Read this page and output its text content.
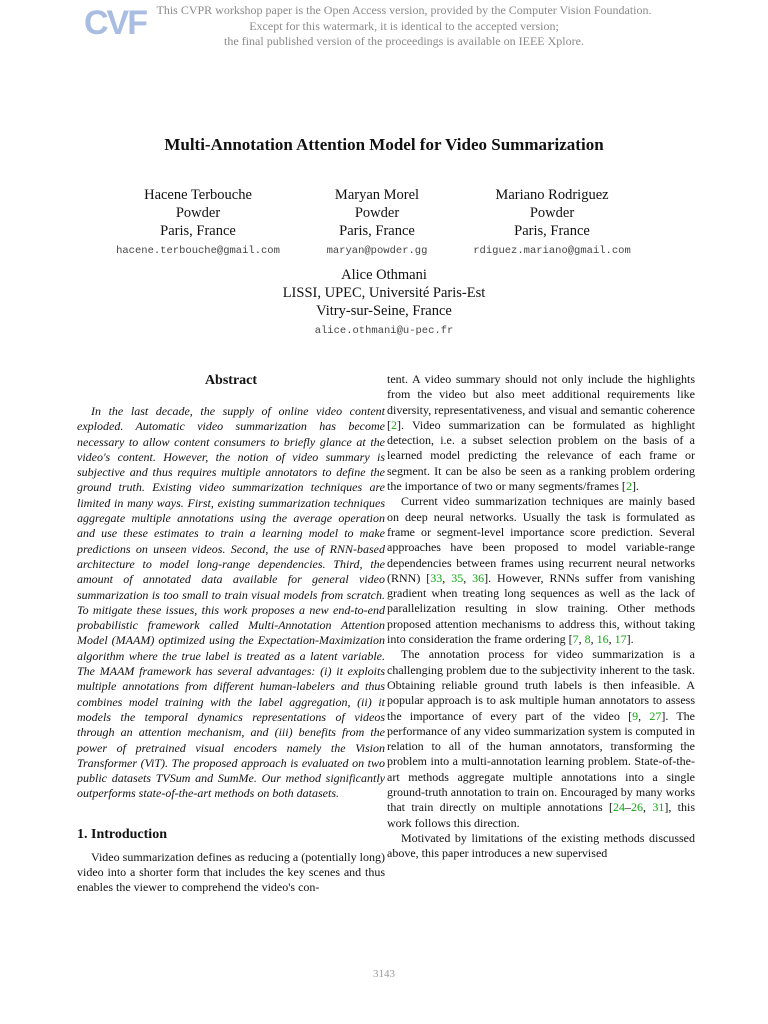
CVF This CVPR workshop paper is the Open Access version, provided by the Computer Vision Foundation.
Except for this watermark, it is identical to the accepted version;
the final published version of the proceedings is available on IEEE Xplore.
Multi-Annotation Attention Model for Video Summarization
Hacene Terbouche
Powder
Paris, France
hacene.terbouche@gmail.com
Maryan Morel
Powder
Paris, France
maryan@powder.gg
Mariano Rodriguez
Powder
Paris, France
rdiguez.mariano@gmail.com
Alice Othmani
LISSI, UPEC, Université Paris-Est
Vitry-sur-Seine, France
alice.othmani@u-pec.fr
Abstract

In the last decade, the supply of online video content exploded. Automatic video summarization has become necessary to allow content consumers to briefly glance at the video's content. However, the notion of video summary is subjective and thus requires multiple annotators to define the ground truth. Existing video summarization techniques are limited in many ways. First, existing summarization techniques aggregate multiple annotations using the average operation and use these estimates to train a learning model to make predictions on unseen videos. Second, the use of RNN-based architecture to model long-range dependencies. Third, the amount of annotated data available for general video summarization is too small to train visual models from scratch. To mitigate these issues, this work proposes a new end-to-end probabilistic framework called Multi-Annotation Attention Model (MAAM) optimized using the Expectation-Maximization algorithm where the true label is treated as a latent variable. The MAAM framework has several advantages: (i) it exploits multiple annotations from different human-labelers and thus combines model training with the label aggregation, (ii) it models the temporal dynamics representations of videos through an attention mechanism, and (iii) benefits from the power of pretrained visual encoders namely the Vision Transformer (ViT). The proposed approach is evaluated on two public datasets TVSum and SumMe. Our method significantly outperforms state-of-the-art methods on both datasets.

1. Introduction

Video summarization defines as reducing a (potentially long) video into a shorter form that includes the key scenes and thus enables the viewer to comprehend the video's con-

tent. A video summary should not only include the highlights from the video but also meet additional requirements like diversity, representativeness, and visual and semantic coherence [2]. Video summarization can be formulated as highlight detection, i.e. a subset selection problem on the basis of a learned model predicting the relevance of each frame or segment. It can be also be seen as a ranking problem ordering the importance of two or many segments/frames [2].

Current video summarization techniques are mainly based on deep neural networks. Usually the task is formulated as frame or segment-level importance score prediction. Several approaches have been proposed to model variable-range dependencies between frames using recurrent neural networks (RNN) [33, 35, 36]. However, RNNs suffer from vanishing gradient when treating long sequences as well as the lack of parallelization resulting in slow training. Other methods proposed attention mechanisms to address this, without taking into consideration the frame ordering [7, 8, 16, 17].

The annotation process for video summarization is a challenging problem due to the subjectivity inherent to the task. Obtaining reliable ground truth labels is then infeasible. A popular approach is to ask multiple human annotators to assess the importance of every part of the video [9, 27]. The performance of any video summarization system is computed in relation to all of the human annotators, transforming the problem into a multi-annotation learning problem. State-of-the-art methods aggregate multiple annotations into a single ground-truth annotation to train on. Encouraged by many works that train directly on multiple annotations [24–26, 31], this work follows this direction.

Motivated by limitations of the existing methods discussed above, this paper introduces a new supervised

3143
